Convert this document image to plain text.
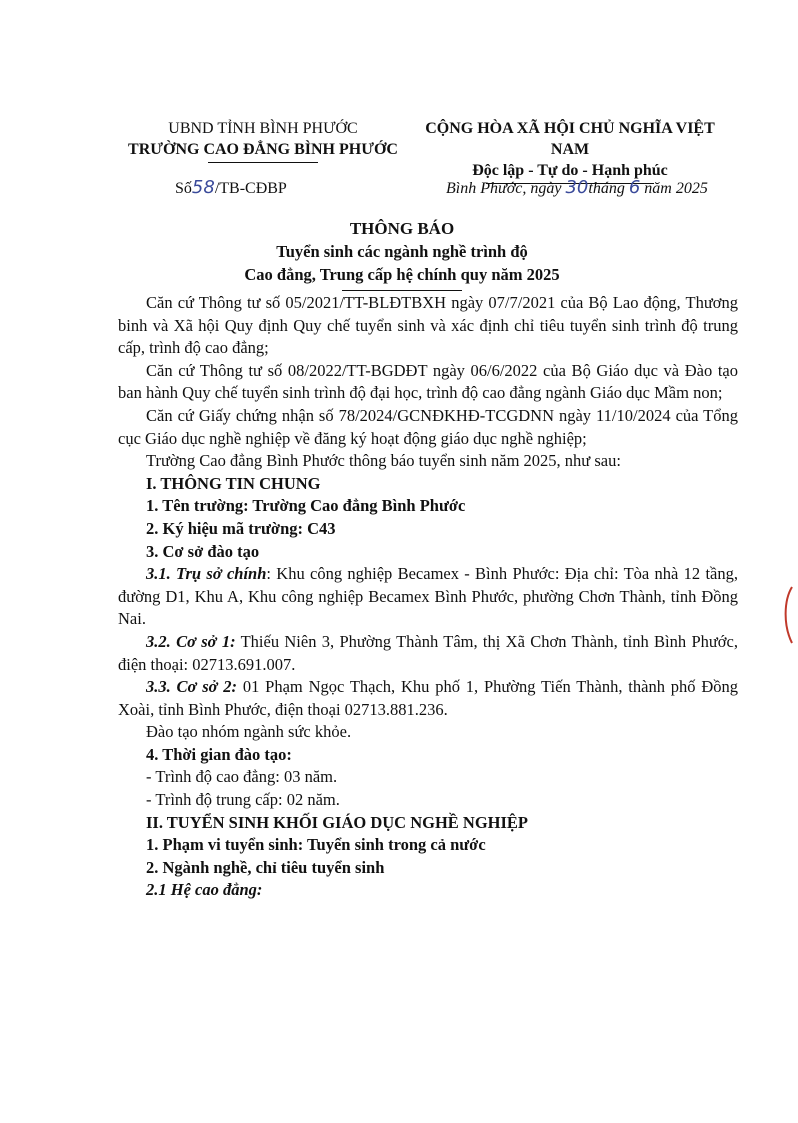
UBND TỈNH BÌNH PHƯỚC
TRƯỜNG CAO ĐẲNG BÌNH PHƯỚC
CỘNG HÒA XÃ HỘI CHỦ NGHĨA VIỆT NAM
Độc lập - Tự do - Hạnh phúc
Số58/TB-CĐBP	Bình Phước, ngày 30tháng 6 năm 2025
THÔNG BÁO
Tuyển sinh các ngành nghề trình độ
Cao đẳng, Trung cấp hệ chính quy năm 2025

Căn cứ Thông tư số 05/2021/TT-BLĐTBXH ngày 07/7/2021 của Bộ Lao động, Thương binh và Xã hội Quy định Quy chế tuyển sinh và xác định chỉ tiêu tuyển sinh trình độ trung cấp, trình độ cao đẳng;

Căn cứ Thông tư số 08/2022/TT-BGDĐT ngày 06/6/2022 của Bộ Giáo dục và Đào tạo ban hành Quy chế tuyển sinh trình độ đại học, trình độ cao đẳng ngành Giáo dục Mầm non;

Căn cứ Giấy chứng nhận số 78/2024/GCNĐKHĐ-TCGDNN ngày 11/10/2024 của Tổng cục Giáo dục nghề nghiệp về đăng ký hoạt động giáo dục nghề nghiệp;

Trường Cao đẳng Bình Phước thông báo tuyển sinh năm 2025, như sau:

I. THÔNG TIN CHUNG

1. Tên trường: Trường Cao đẳng Bình Phước

2. Ký hiệu mã trường: C43

3. Cơ sở đào tạo

3.1. Trụ sở chính: Khu công nghiệp Becamex - Bình Phước: Địa chỉ: Tòa nhà 12 tầng, đường D1, Khu A, Khu công nghiệp Becamex Bình Phước, phường Chơn Thành, tỉnh Đồng Nai.

3.2. Cơ sở 1: Thiếu Niên 3, Phường Thành Tâm, thị Xã Chơn Thành, tỉnh Bình Phước, điện thoại: 02713.691.007.

3.3. Cơ sở 2: 01 Phạm Ngọc Thạch, Khu phố 1, Phường Tiến Thành, thành phố Đồng Xoài, tỉnh Bình Phước, điện thoại 02713.881.236.

Đào tạo nhóm ngành sức khỏe.

4. Thời gian đào tạo:

- Trình độ cao đẳng: 03 năm.

- Trình độ trung cấp: 02 năm.

II. TUYỂN SINH KHỐI GIÁO DỤC NGHỀ NGHIỆP

1. Phạm vi tuyển sinh: Tuyển sinh trong cả nước

2. Ngành nghề, chỉ tiêu tuyển sinh

2.1 Hệ cao đẳng:
